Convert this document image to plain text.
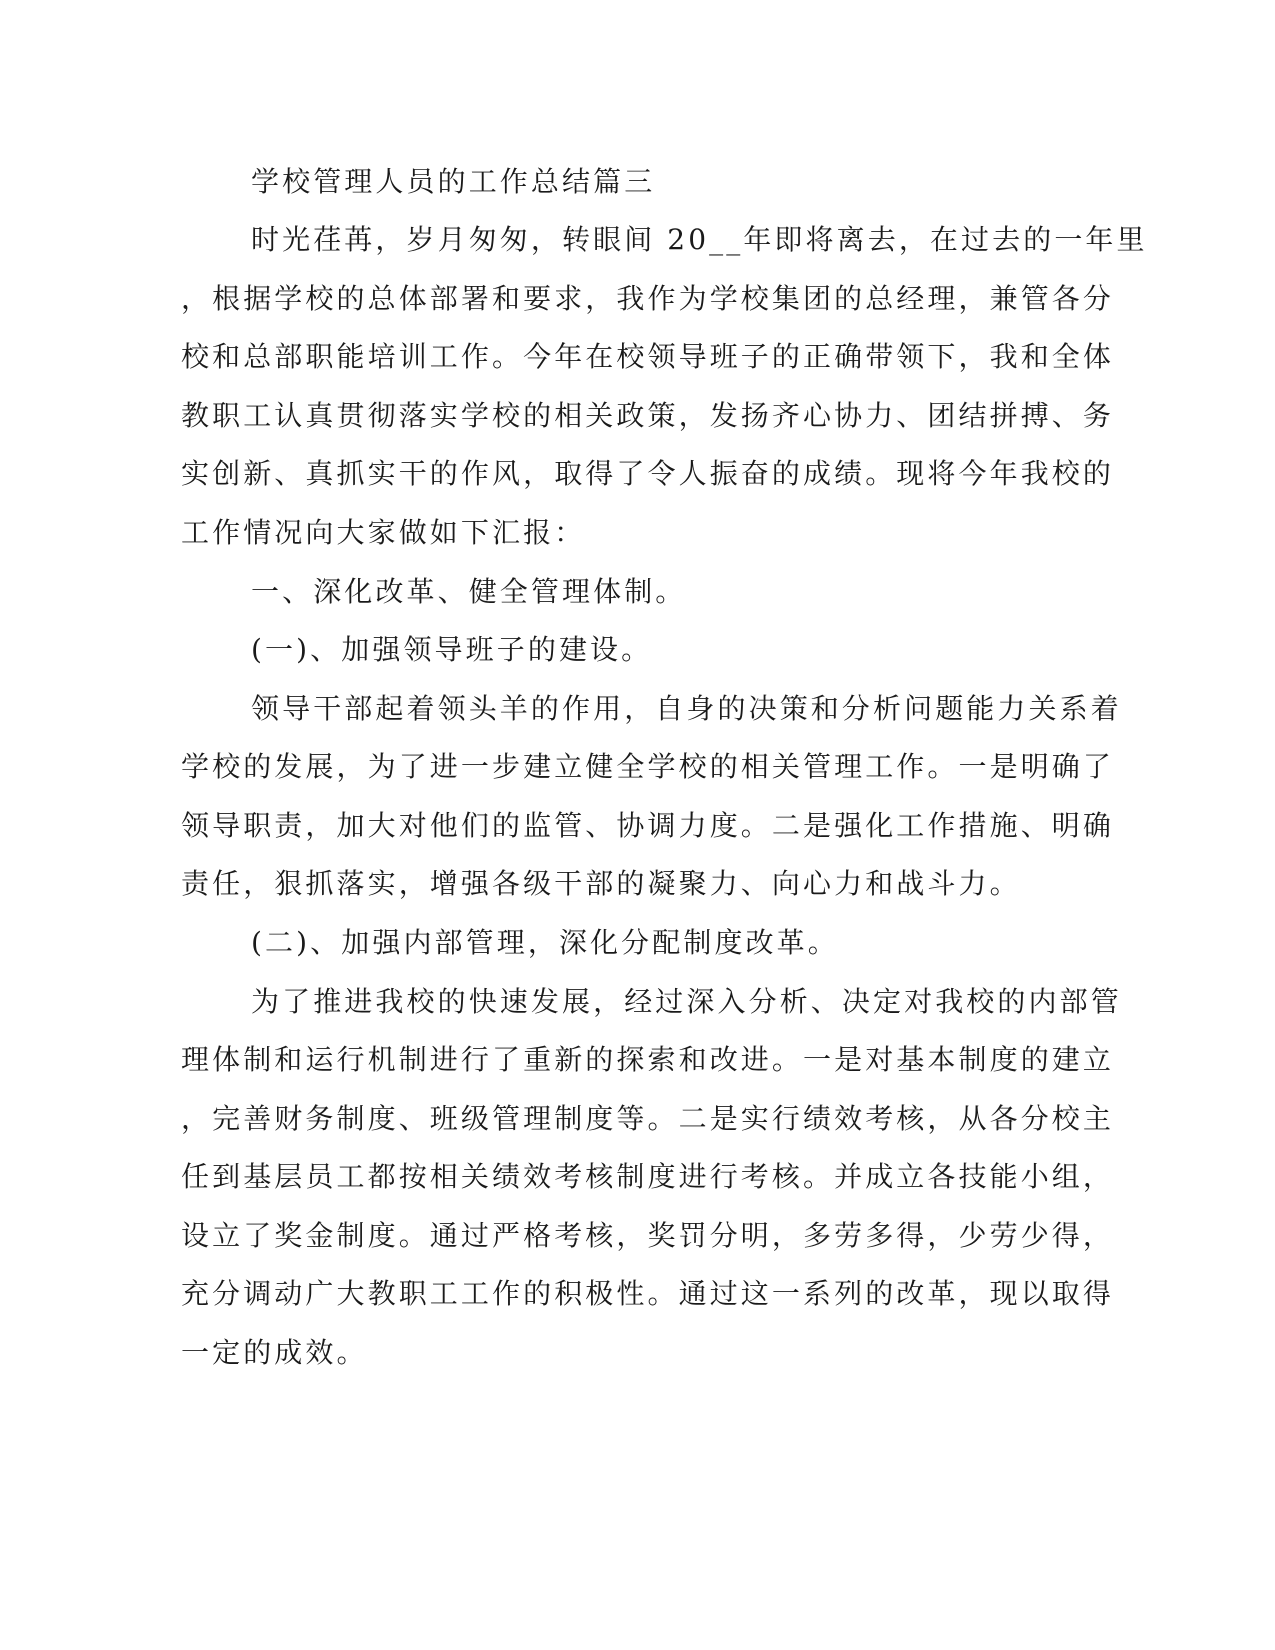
学校管理人员的工作总结篇三
时光荏苒，岁月匆匆，转眼间 20__年即将离去，在过去的一年里
，根据学校的总体部署和要求，我作为学校集团的总经理，兼管各分
校和总部职能培训工作。今年在校领导班子的正确带领下，我和全体
教职工认真贯彻落实学校的相关政策，发扬齐心协力、团结拼搏、务
实创新、真抓实干的作风，取得了令人振奋的成绩。现将今年我校的
工作情况向大家做如下汇报：
一、深化改革、健全管理体制。
(一)、加强领导班子的建设。
领导干部起着领头羊的作用，自身的决策和分析问题能力关系着
学校的发展，为了进一步建立健全学校的相关管理工作。一是明确了
领导职责，加大对他们的监管、协调力度。二是强化工作措施、明确
责任，狠抓落实，增强各级干部的凝聚力、向心力和战斗力。
(二)、加强内部管理，深化分配制度改革。
为了推进我校的快速发展，经过深入分析、决定对我校的内部管
理体制和运行机制进行了重新的探索和改进。一是对基本制度的建立
，完善财务制度、班级管理制度等。二是实行绩效考核，从各分校主
任到基层员工都按相关绩效考核制度进行考核。并成立各技能小组，
设立了奖金制度。通过严格考核，奖罚分明，多劳多得，少劳少得，
充分调动广大教职工工作的积极性。通过这一系列的改革，现以取得
一定的成效。
